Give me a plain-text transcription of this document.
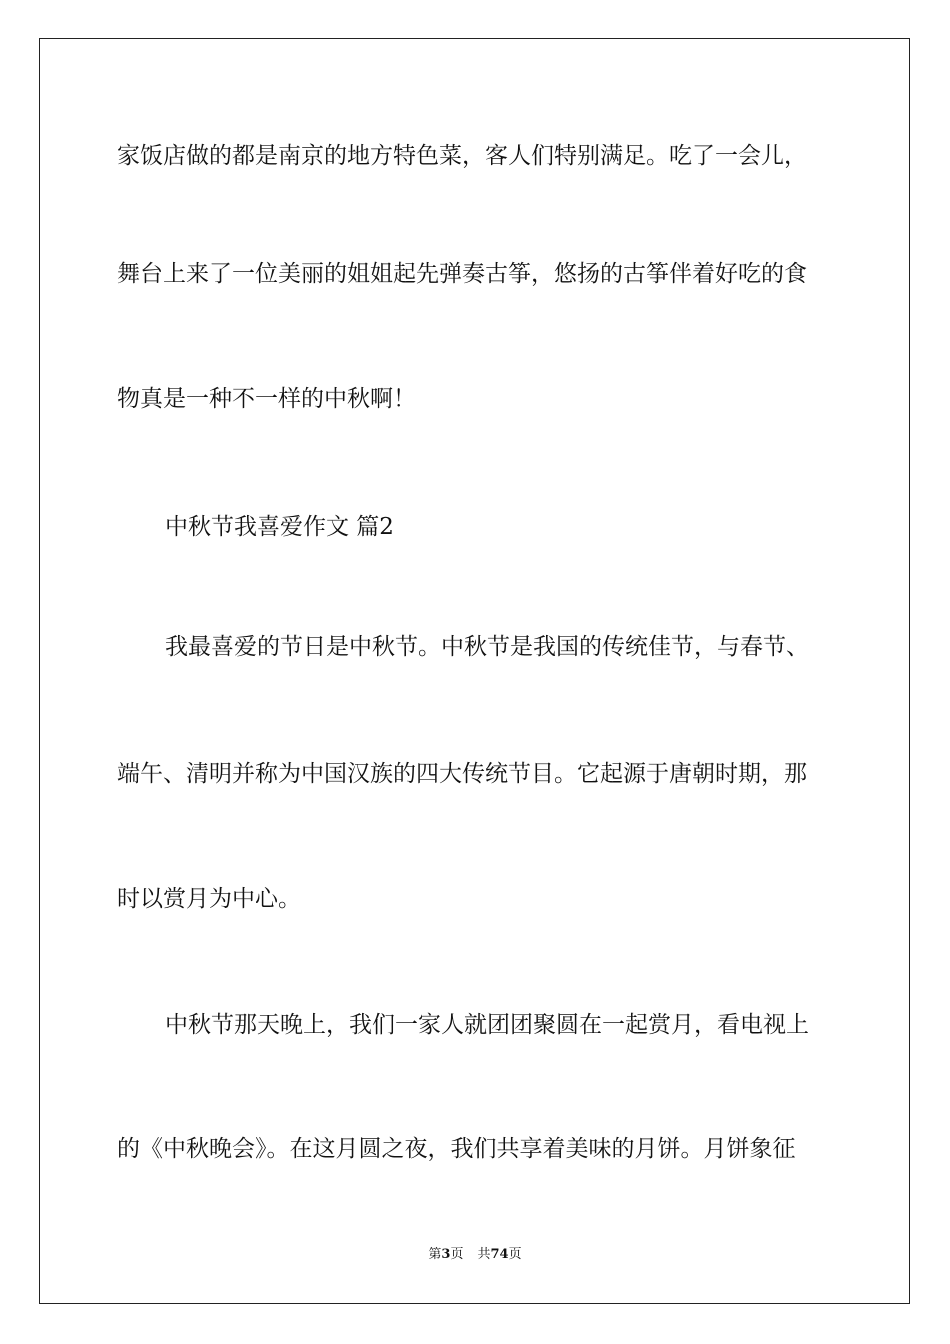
家饭店做的都是南京的地方特色菜，客人们特别满足。吃了一会儿，

舞台上来了一位美丽的姐姐起先弹奏古筝，悠扬的古筝伴着好吃的食

物真是一种不一样的中秋啊！

中秋节我喜爱作文 篇2

我最喜爱的节日是中秋节。中秋节是我国的传统佳节，与春节、

端午、清明并称为中国汉族的四大传统节目。它起源于唐朝时期，那

时以赏月为中心。

中秋节那天晚上，我们一家人就团团聚圆在一起赏月，看电视上

的《中秋晚会》。在这月圆之夜，我们共享着美味的月饼。月饼象征

第3页 共74页
